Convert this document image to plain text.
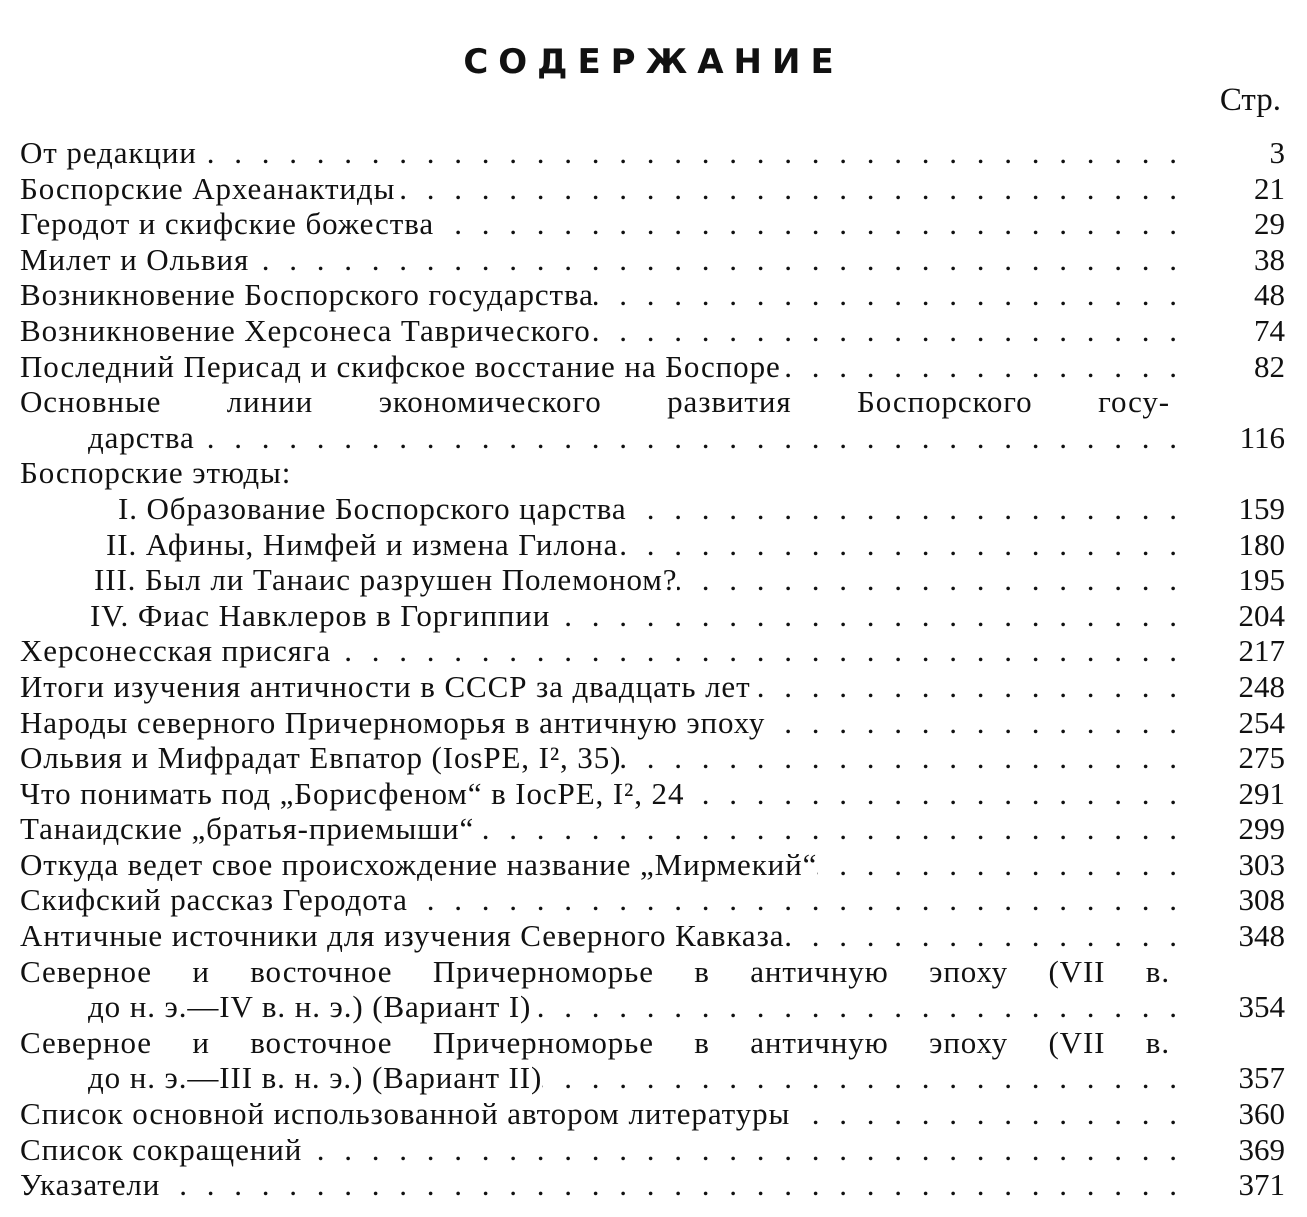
СОДЕРЖАНИЕ
Стр.
От редакции . . .	3
Боспорские Археанактиды . . .	21
Геродот и скифские божества . . .	29
Милет и Ольвия . . .	38
Возникновение Боспорского государства . . .	48
Возникновение Херсонеса Таврического . . .	74
Последний Перисад и скифское восстание на Боспоре . . .	82
Основные линии экономического развития Боспорского госу-
дарства . . .	116
Боспорские этюды:
I. Образование Боспорского царства . . .	159
II. Афины, Нимфей и измена Гилона . . .	180
III. Был ли Танаис разрушен Полемоном? . . .	195
IV. Фиас Навклеров в Горгиппии . . .	204
Херсонесская присяга . . .	217
Итоги изучения античности в СССР за двадцать лет . . .	248
Народы северного Причерноморья в античную эпоху . . .	254
Ольвия и Мифрадат Евпатор (IosPE, I², 35) . . .	275
Что понимать под „Борисфеном“ в IocPE, I², 24 . . .	291
Танаидские „братья-приемыши“ . . .	299
Откуда ведет свое происхождение название „Мирмекий“ . . .	303
Скифский рассказ Геродота . . .	308
Античные источники для изучения Северного Кавказа . . .	348
Северное и восточное Причерноморье в античную эпоху (VII в.
до н. э.—IV в. н. э.) (Вариант I) . . .	354
Северное и восточное Причерноморье в античную эпоху (VII в.
до н. э.—III в. н. э.) (Вариант II) . . .	357
Список основной использованной автором литературы . . .	360
Список сокращений . . .	369
Указатели . . .	371
